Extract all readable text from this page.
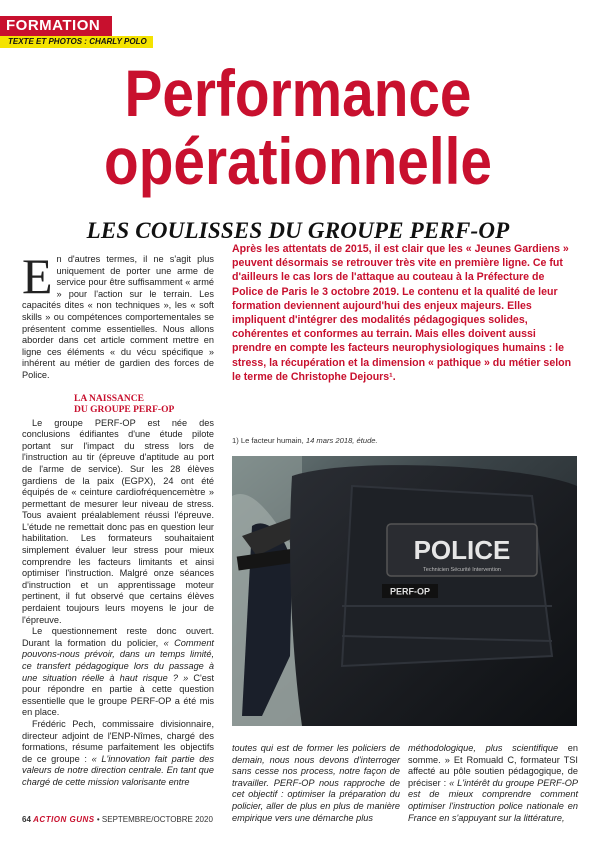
FORMATION
TEXTE ET PHOTOS : CHARLY POLO
Performance
opérationnelle
LES COULISSES DU GROUPE PERF-OP
E n d'autres termes, il ne s'agit plus uniquement de porter une arme de service pour être suffisamment « armé » pour l'action sur le terrain. Les capacités dites « non techniques », les « soft skills » ou compétences comportementales se présentent comme essentielles. Nous allons aborder dans cet article comment mettre en ligne ces éléments « du vécu spécifique » inhérent au métier de gardien des forces de Police.

LA NAISSANCE
DU GROUPE PERF-OP

Le groupe PERF-OP est née des conclusions édifiantes d'une étude pilote portant sur l'impact du stress lors de l'instruction au tir (épreuve d'aptitude au port de l'arme de service). Sur les 28 élèves gardiens de la paix (EGPX), 24 ont été équipés de « ceinture cardiofréquencemètre » permettant de mesurer leur niveau de stress. Tous avaient préalablement réussi l'épreuve. L'étude ne remettait donc pas en question leur habilitation. Les formateurs souhaitaient simplement évaluer leur stress pour mieux comprendre les facteurs limitants et ainsi optimiser l'instruction. Malgré onze séances d'instruction et un apprentissage moteur pertinent, il fut observé que certains élèves perdaient toujours leurs moyens le jour de l'épreuve.

Le questionnement reste donc ouvert. Durant la formation du policier, « Comment pouvons-nous prévoir, dans un temps limité, ce transfert pédagogique lors du passage à une situation réelle à haut risque ? » C'est pour répondre en partie à cette question essentielle que le groupe PERF-OP a été mis en place.

Frédéric Pech, commissaire divisionnaire, directeur adjoint de l'ENP-Nîmes, chargé des formations, résume parfaitement les objectifs de ce groupe : « L'innovation fait partie des valeurs de notre direction centrale. En tant que chargé de cette mission valorisante entre

Après les attentats de 2015, il est clair que les « Jeunes Gardiens » peuvent désormais se retrouver très vite en première ligne. Ce fut d'ailleurs le cas lors de l'attaque au couteau à la Préfecture de Police de Paris le 3 octobre 2019. Le contenu et la qualité de leur formation deviennent aujourd'hui des enjeux majeurs. Elles impliquent d'intégrer des modalités pédagogiques solides, cohérentes et conformes au terrain. Mais elles doivent aussi prendre en compte les facteurs neurophysiologiques humains : le stress, la récupération et la dimension « pathique » du métier selon le terme de Christophe Dejours¹.
1) Le facteur humain, 14 mars 2018, étude.
POLICE
Technicien Sécurité Intervention
PERF-OP
toutes qui est de former les policiers de demain, nous nous devons d'interroger sans cesse nos process, notre façon de travailler. PERF-OP nous rapproche de cet objectif : optimiser la préparation du policier, aller de plus en plus de manière empirique vers une démarche plus
méthodologique, plus scientifique en somme. » Et Romuald C, formateur TSI affecté au pôle soutien pédagogique, de préciser : « L'intérêt du groupe PERF-OP est de mieux comprendre comment optimiser l'instruction police nationale en France en s'appuyant sur la littérature,
64 ACTION GUNS • SEPTEMBRE/OCTOBRE 2020
